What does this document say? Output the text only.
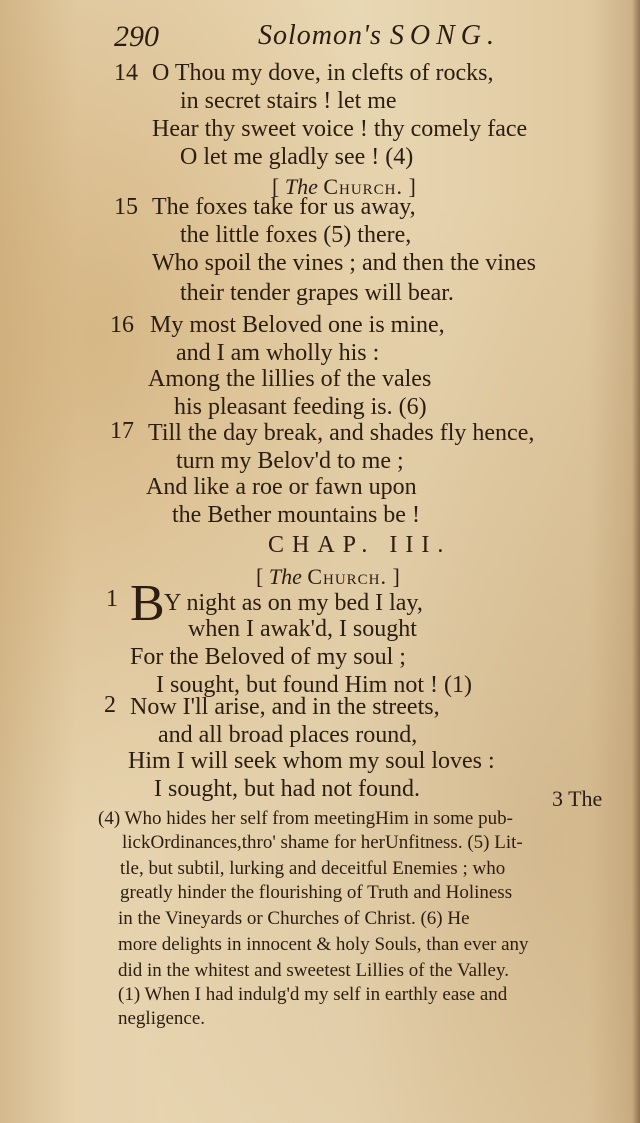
290	Solomon's SONG.
14 O Thou my dove, in clefts of rocks,
in secret stairs ! let me
Hear thy sweet voice ! thy comely face
O let me gladly see ! (4)
[ The Church. ]
15 The foxes take for us away,
the little foxes (5) there,
Who spoil the vines ; and then the vines
their tender grapes will bear.
16 My most Beloved one is mine,
and I am wholly his :
Among the lillies of the vales
his pleasant feeding is. (6)
17 Till the day break, and shades fly hence,
turn my Belov'd to me ;
And like a roe or fawn upon
the Bether mountains be !
CHAP. III.
[ The Church. ]
1 B Y night as on my bed I lay,
when I awak'd, I sought
For the Beloved of my soul ;
I sought, but found Him not ! (1)
2 Now I'll arise, and in the streets,
and all broad places round,
Him I will seek whom my soul loves :
I sought, but had not found.	3 The
(4) Who hides her self from meetingHim in some pub-
lickOrdinances,thro' shame for herUnfitness. (5) Lit-
tle, but subtil, lurking and deceitful Enemies ; who
greatly hinder the flourishing of Truth and Holiness
in the Vineyards or Churches of Christ. (6) He
more delights in innocent & holy Souls, than ever any
did in the whitest and sweetest Lillies of the Valley.
(1) When I had indulg'd my self in earthly ease and
negligence.
